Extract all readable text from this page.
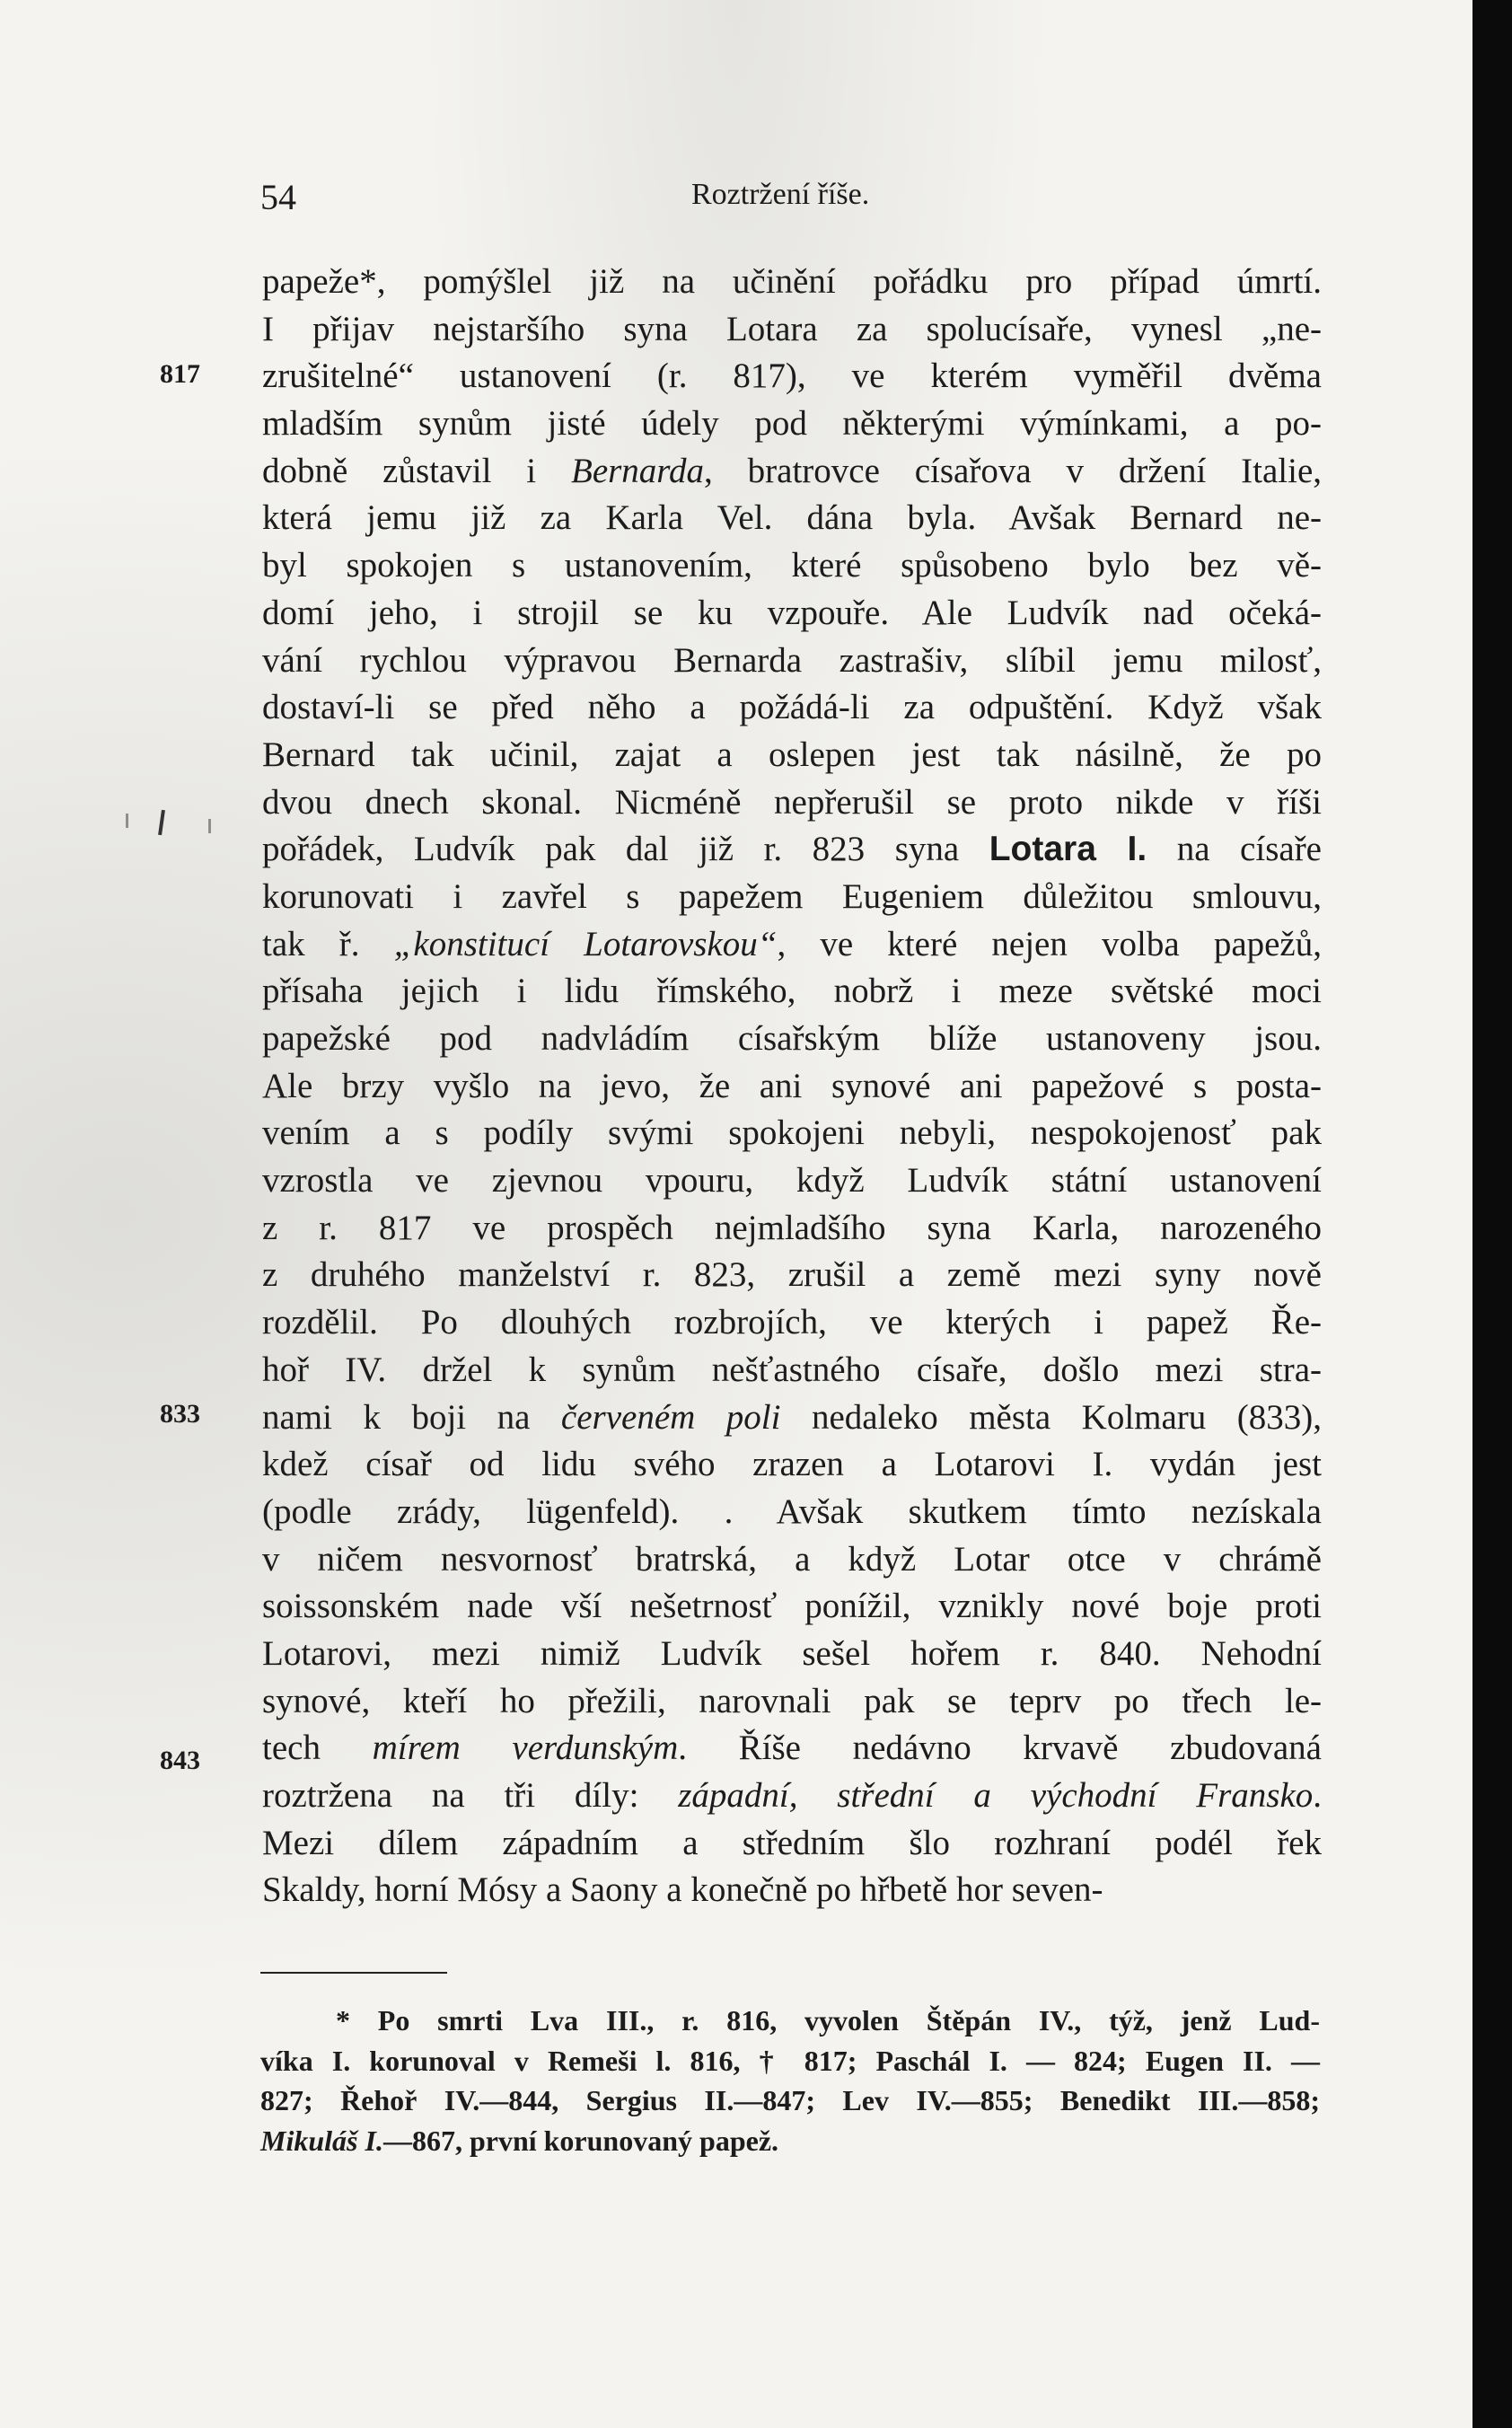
54	Roztržení říše.
817
833
843
papeže*, pomýšlel již na učinění pořádku pro případ úmrtí.
I přijav nejstaršího syna Lotara za spolucísaře, vynesl „ne-
zrušitelné“ ustanovení (r. 817), ve kterém vyměřil dvěma
mladším synům jisté údely pod některými výmínkami, a po-
dobně zůstavil i Bernarda, bratrovce císařova v držení Italie,
která jemu již za Karla Vel. dána byla. Avšak Bernard ne-
byl spokojen s ustanovením, které spůsobeno bylo bez vě-
domí jeho, i strojil se ku vzpouře. Ale Ludvík nad očeká-
vání rychlou výpravou Bernarda zastrašiv, slíbil jemu milosť,
dostaví-li se před něho a požádá-li za odpuštění. Když však
Bernard tak učinil, zajat a oslepen jest tak násilně, že po
dvou dnech skonal. Nicméně nepřerušil se proto nikde v říši
pořádek, Ludvík pak dal již r. 823 syna Lotara I. na císaře
korunovati i zavřel s papežem Eugeniem důležitou smlouvu,
tak ř. „konstitucí Lotarovskou“, ve které nejen volba papežů,
přísaha jejich i lidu římského, nobrž i meze světské moci
papežské pod nadvládím císařským blíže ustanoveny jsou.
Ale brzy vyšlo na jevo, že ani synové ani papežové s posta-
vením a s podíly svými spokojeni nebyli, nespokojenosť pak
vzrostla ve zjevnou vpouru, když Ludvík státní ustanovení
z r. 817 ve prospěch nejmladšího syna Karla, narozeného
z druhého manželství r. 823, zrušil a země mezi syny nově
rozdělil. Po dlouhých rozbrojích, ve kterých i papež Ře-
hoř IV. držel k synům nešťastného císaře, došlo mezi stra-
nami k boji na červeném poli nedaleko města Kolmaru (833),
kdež císař od lidu svého zrazen a Lotarovi I. vydán jest
(podle zrády, lügenfeld). . Avšak skutkem tímto nezískala
v ničem nesvornosť bratrská, a když Lotar otce v chrámě
soissonském nade vší nešetrnosť ponížil, vznikly nové boje proti
Lotarovi, mezi nimiž Ludvík sešel hořem r. 840. Nehodní
synové, kteří ho přežili, narovnali pak se teprv po třech le-
tech mírem verdunským. Říše nedávno krvavě zbudovaná
roztržena na tři díly: západní, střední a východní Fransko.
Mezi dílem západním a středním šlo rozhraní podél řek
Skaldy, horní Mósy a Saony a konečně po hřbetě hor seven-
* Po smrti Lva III., r. 816, vyvolen Štěpán IV., týž, jenž Lud-
víka I. korunoval v Remeši l. 816, † 817; Paschál I. — 824; Eugen II. —
827; Řehoř IV.—844, Sergius II.—847; Lev IV.—855; Benedikt III.—858;
Mikuláš I.—867, první korunovaný papež.
